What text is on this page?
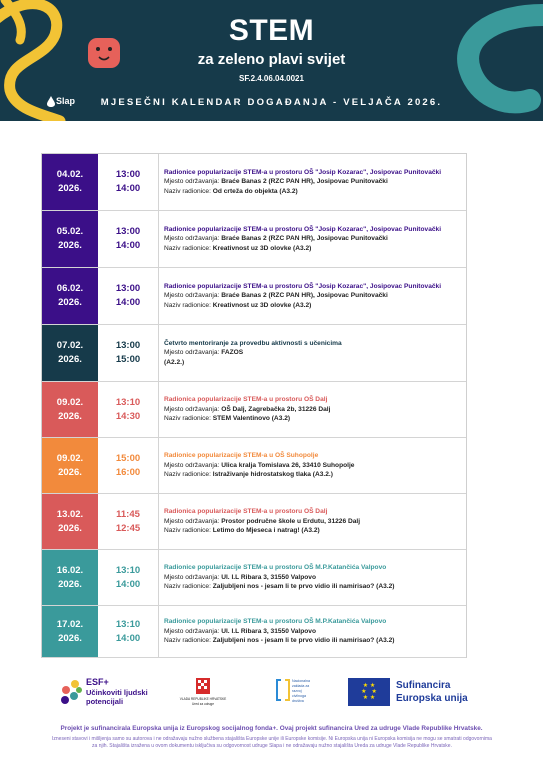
STEM
za zeleno plavi svijet
SF.2.4.06.04.0021
MJESEČNI KALENDAR DOGAĐANJA - VELJAČA 2026.
Slap
04.02.
2026.
13:00
14:00
Radionice popularizacije STEM-a u prostoru OŠ "Josip Kozarac", Josipovac Punitovački
Mjesto održavanja: Braće Banas 2 (RZC PAN HR), Josipovac Punitovački
Naziv radionice: Od crteža do objekta (A3.2)
05.02.
2026.
13:00
14:00
Radionice popularizacije STEM-a u prostoru OŠ "Josip Kozarac", Josipovac Punitovački
Mjesto održavanja: Braće Banas 2 (RZC PAN HR), Josipovac Punitovački
Naziv radionice: Kreativnost uz 3D olovke (A3.2)
06.02.
2026.
13:00
14:00
Radionice popularizacije STEM-a u prostoru OŠ "Josip Kozarac", Josipovac Punitovački
Mjesto održavanja: Braće Banas 2 (RZC PAN HR), Josipovac Punitovački
Naziv radionice: Kreativnost uz 3D olovke (A3.2)
07.02.
2026.
13:00
15:00
Četvrto mentoriranje za provedbu aktivnosti s učenicima
Mjesto održavanja: FAZOS
(A2.2.)
09.02.
2026.
13:10
14:30
Radionica popularizacije STEM-a u prostoru OŠ Dalj
Mjesto održavanja: OŠ Dalj, Zagrebačka 2b, 31226 Dalj
Naziv radionice: STEM Valentinovo (A3.2)
09.02.
2026.
15:00
16:00
Radionice popularizacije STEM-a u OŠ Suhopolje
Mjesto održavanja: Ulica kralja Tomislava 26, 33410 Suhopolje
Naziv radionice: Istraživanje hidrostatskog tlaka (A3.2.)
13.02.
2026.
11:45
12:45
Radionica popularizacije STEM-a u prostoru OŠ Dalj
Mjesto održavanja: Prostor područne škole u Erdutu, 31226 Dalj
Naziv radionice: Letimo do Mjeseca i natrag! (A3.2)
16.02.
2026.
13:10
14:00
Radionice popularizacije STEM-a u prostoru OŠ M.P.Katančića Valpovo
Mjesto održavanja: Ul. I.L Ribara 3, 31550 Valpovo
Naziv radionice: Zaljubljeni nos - jesam li te prvo vidio ili namirisao? (A3.2)
17.02.
2026.
13:10
14:00
Radionice popularizacije STEM-a u prostoru OŠ M.P.Katančića Valpovo
Mjesto održavanja: Ul. I.L Ribara 3, 31550 Valpovo
Naziv radionice: Zaljubljeni nos - jesam li te prvo vidio ili namirisao? (A3.2)
ESF+
Učinkoviti ljudski
potencijali	VLADA REPUBLIKE HRVATSKE
Ured za udruge
Nacionalna
zaklada za
razvoj
civilnoga
društva
★ ★
★   ★
★ ★
Sufinancira
Europska unija
Projekt je sufinancirala Europska unija iz Europskog socijalnog fonda+. Ovaj projekt sufinancira Ured za udruge Vlade Republike Hrvatske.
Izneseni stavovi i mišljenja samo su autorova i ne odražavaju nužno službena stajališta Europske unije ili Europske komisije. Ni Europska unija ni Europska komisija ne mogu se smatrati odgovornima za njih. Stajališta izražena u ovom dokumentu isključiva su odgovornost udruge Slapa i ne odražavaju nužno stajališta Ureda za udruge Vlade Republike Hrvatske.
